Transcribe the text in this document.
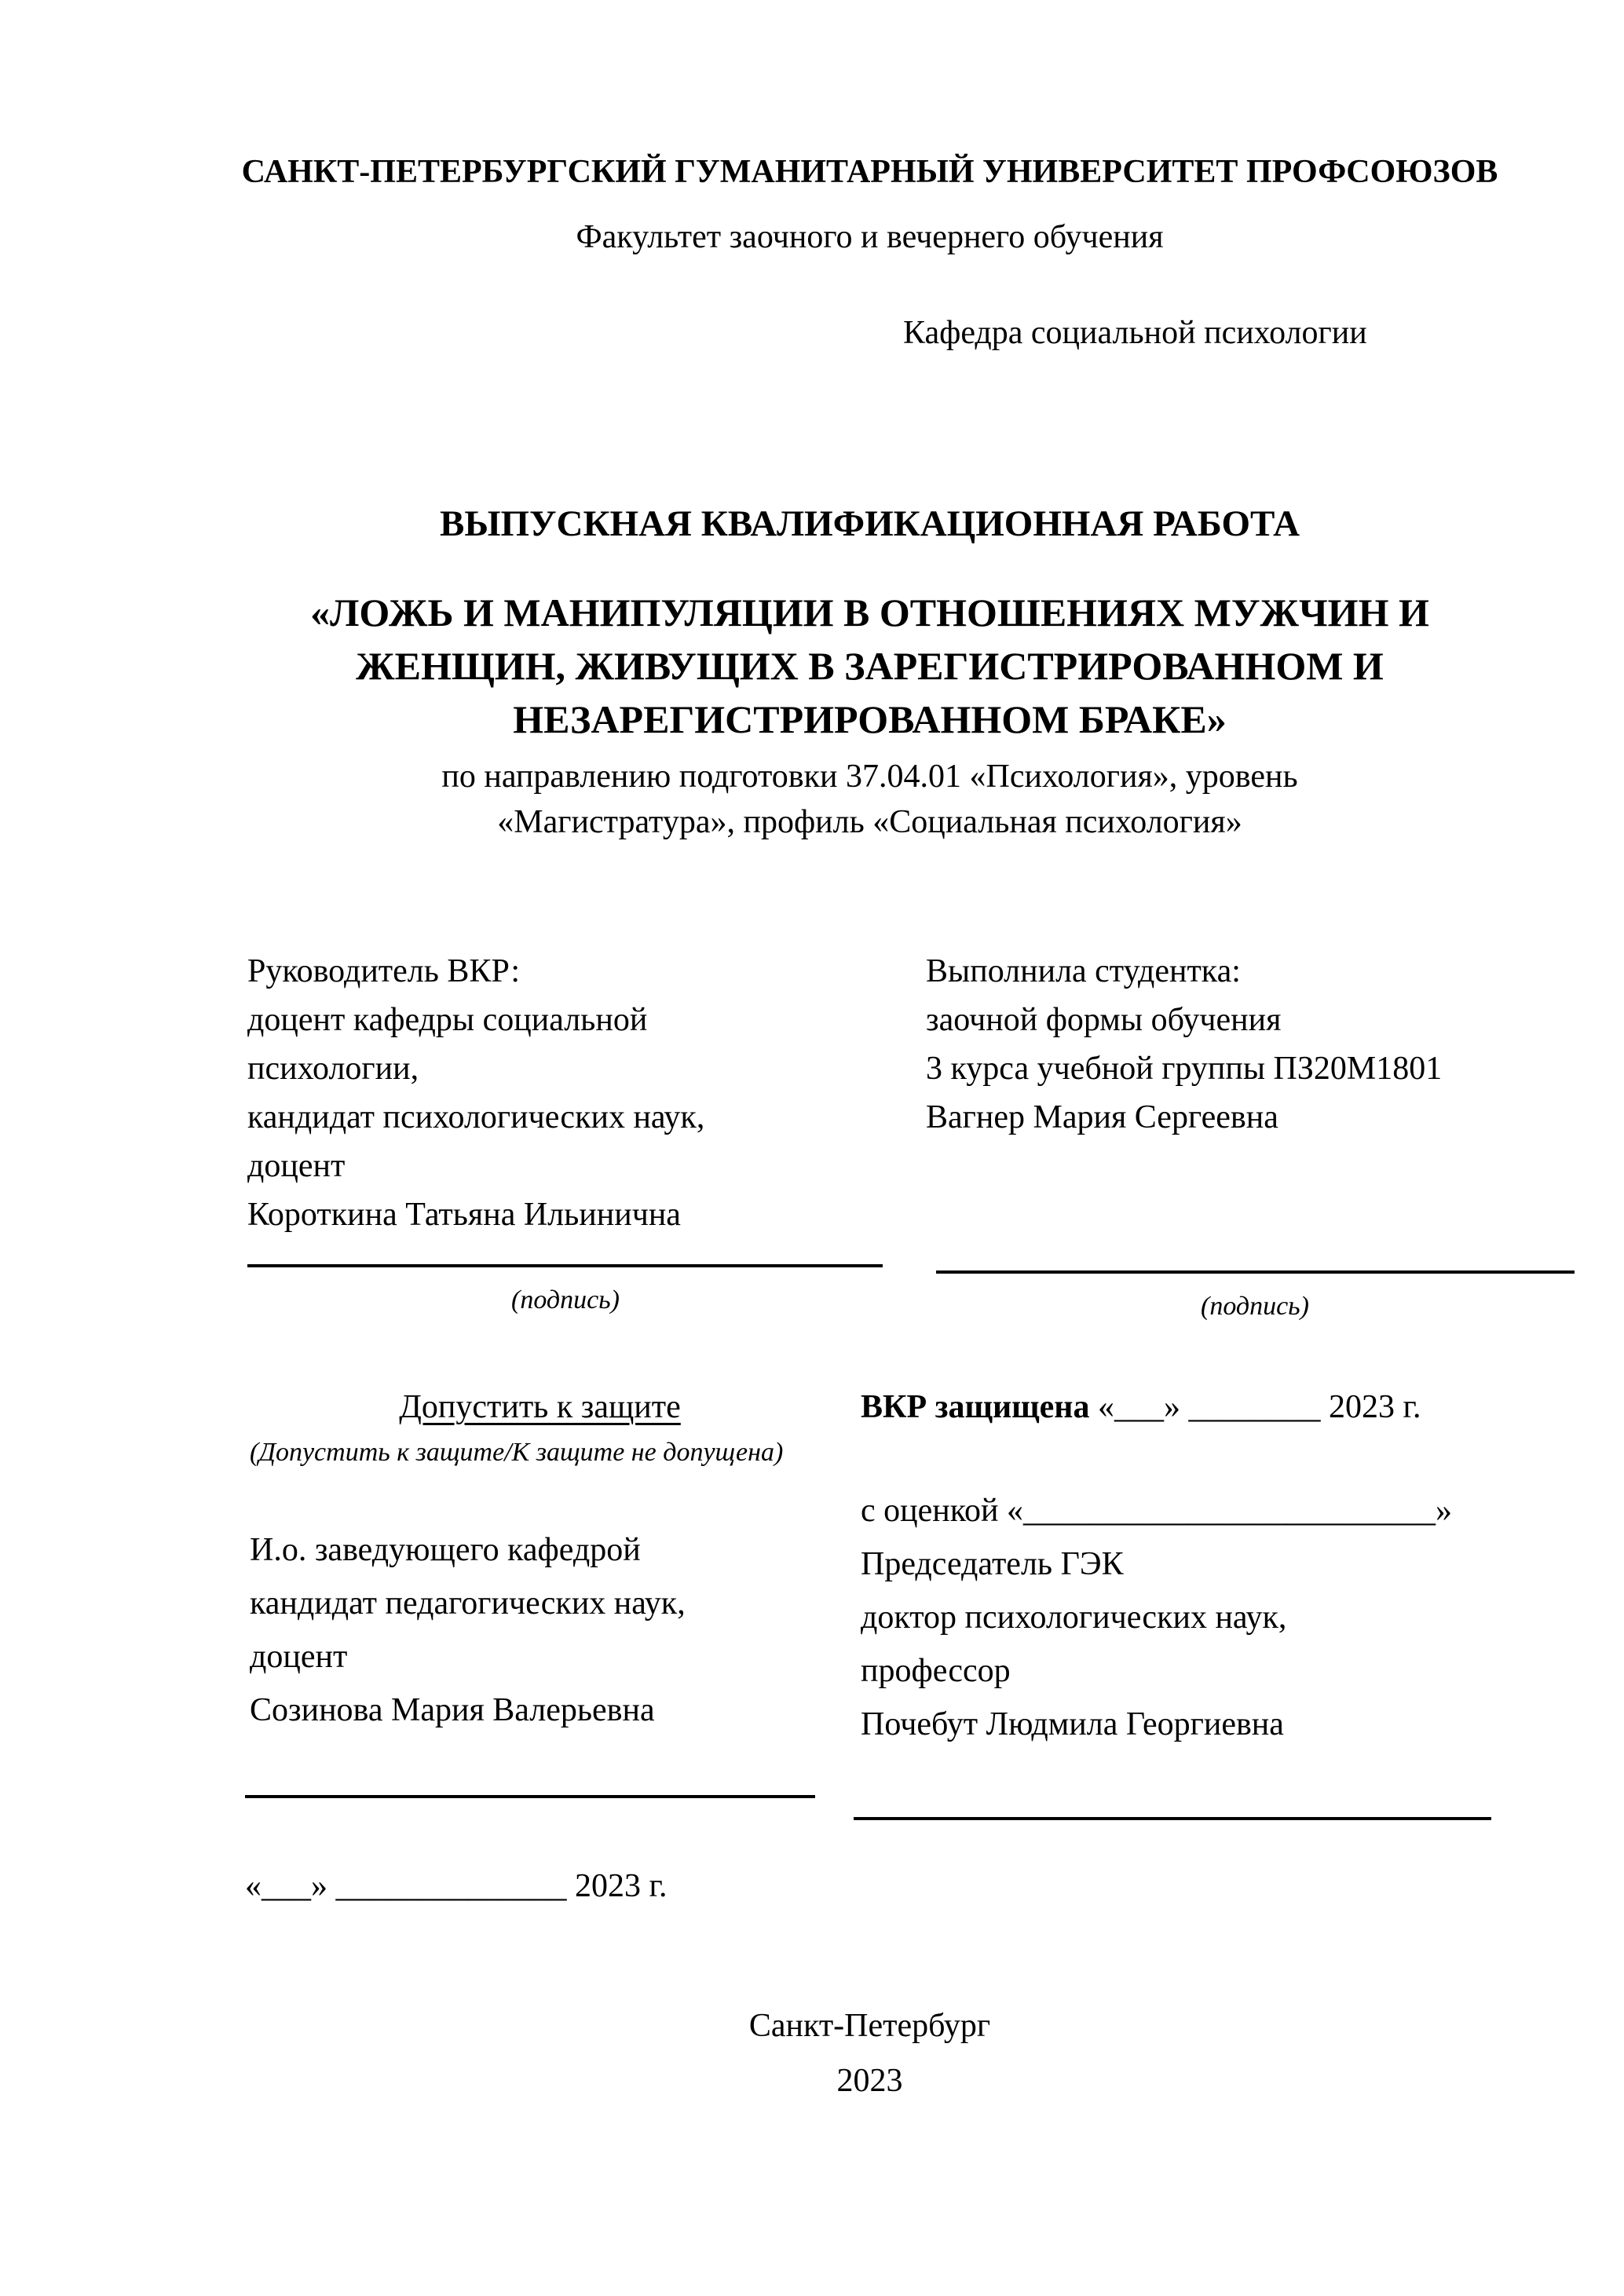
САНКТ-ПЕТЕРБУРГСКИЙ ГУМАНИТАРНЫЙ УНИВЕРСИТЕТ ПРОФСОЮЗОВ
Факультет заочного и вечернего обучения
Кафедра социальной психологии
ВЫПУСКНАЯ КВАЛИФИКАЦИОННАЯ РАБОТА
«ЛОЖЬ И МАНИПУЛЯЦИИ В ОТНОШЕНИЯХ МУЖЧИН И
ЖЕНЩИН, ЖИВУЩИХ В ЗАРЕГИСТРИРОВАННОМ И
НЕЗАРЕГИСТРИРОВАННОМ БРАКЕ»
по направлению подготовки 37.04.01 «Психология», уровень
«Магистратура», профиль «Социальная психология»
Руководитель ВКР:
доцент кафедры социальной
психологии,
кандидат психологических наук,
доцент
Короткина Татьяна Ильинична
Выполнила студентка:
заочной формы обучения
3 курса учебной группы ПЗ20М1801
Вагнер Мария Сергеевна
(подпись)	(подпись)
Допустить к защите
(Допустить к защите/К защите не допущена)
И.о. заведующего кафедрой
кандидат педагогических наук,
доцент
Созинова Мария Валерьевна
ВКР защищена «___» ________ 2023 г.
с оценкой «_________________________»
Председатель ГЭК
доктор психологических наук,
профессор
Почебут Людмила Георгиевна
«___» ______________ 2023 г.
Санкт-Петербург
2023
